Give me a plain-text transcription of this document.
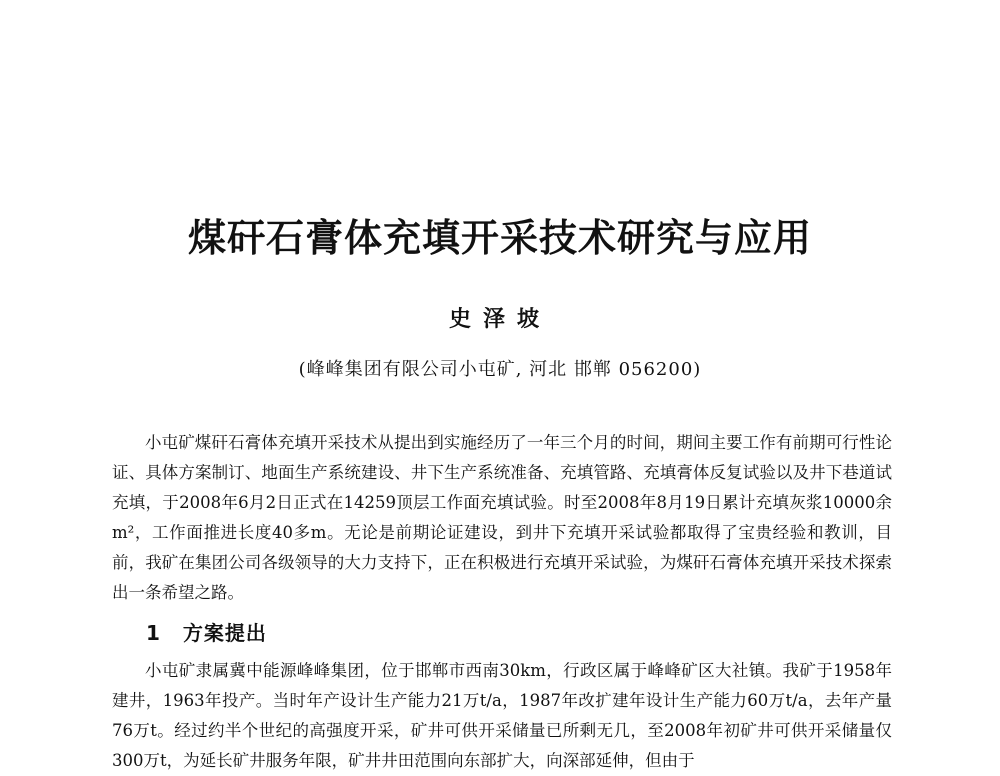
煤矸石膏体充填开采技术研究与应用
史泽坡
(峰峰集团有限公司小屯矿, 河北 邯郸 056200)

小屯矿煤矸石膏体充填开采技术从提出到实施经历了一年三个月的时间，期间主要工作有前期可行性论证、具体方案制订、地面生产系统建设、井下生产系统准备、充填管路、充填膏体反复试验以及井下巷道试充填，于2008年6月2日正式在14259顶层工作面充填试验。时至2008年8月19日累计充填灰浆10000余m²，工作面推进长度40多m。无论是前期论证建设，到井下充填开采试验都取得了宝贵经验和教训，目前，我矿在集团公司各级领导的大力支持下，正在积极进行充填开采试验，为煤矸石膏体充填开采技术探索出一条希望之路。

1 方案提出

小屯矿隶属冀中能源峰峰集团，位于邯郸市西南30km，行政区属于峰峰矿区大社镇。我矿于1958年建井，1963年投产。当时年产设计生产能力21万t/a，1987年改扩建年设计生产能力60万t/a，去年产量76万t。经过约半个世纪的高强度开采，矿井可供开采储量已所剩无几，至2008年初矿井可供开采储量仅300万t，为延长矿井服务年限，矿井井田范围向东部扩大，向深部延伸，但由于
